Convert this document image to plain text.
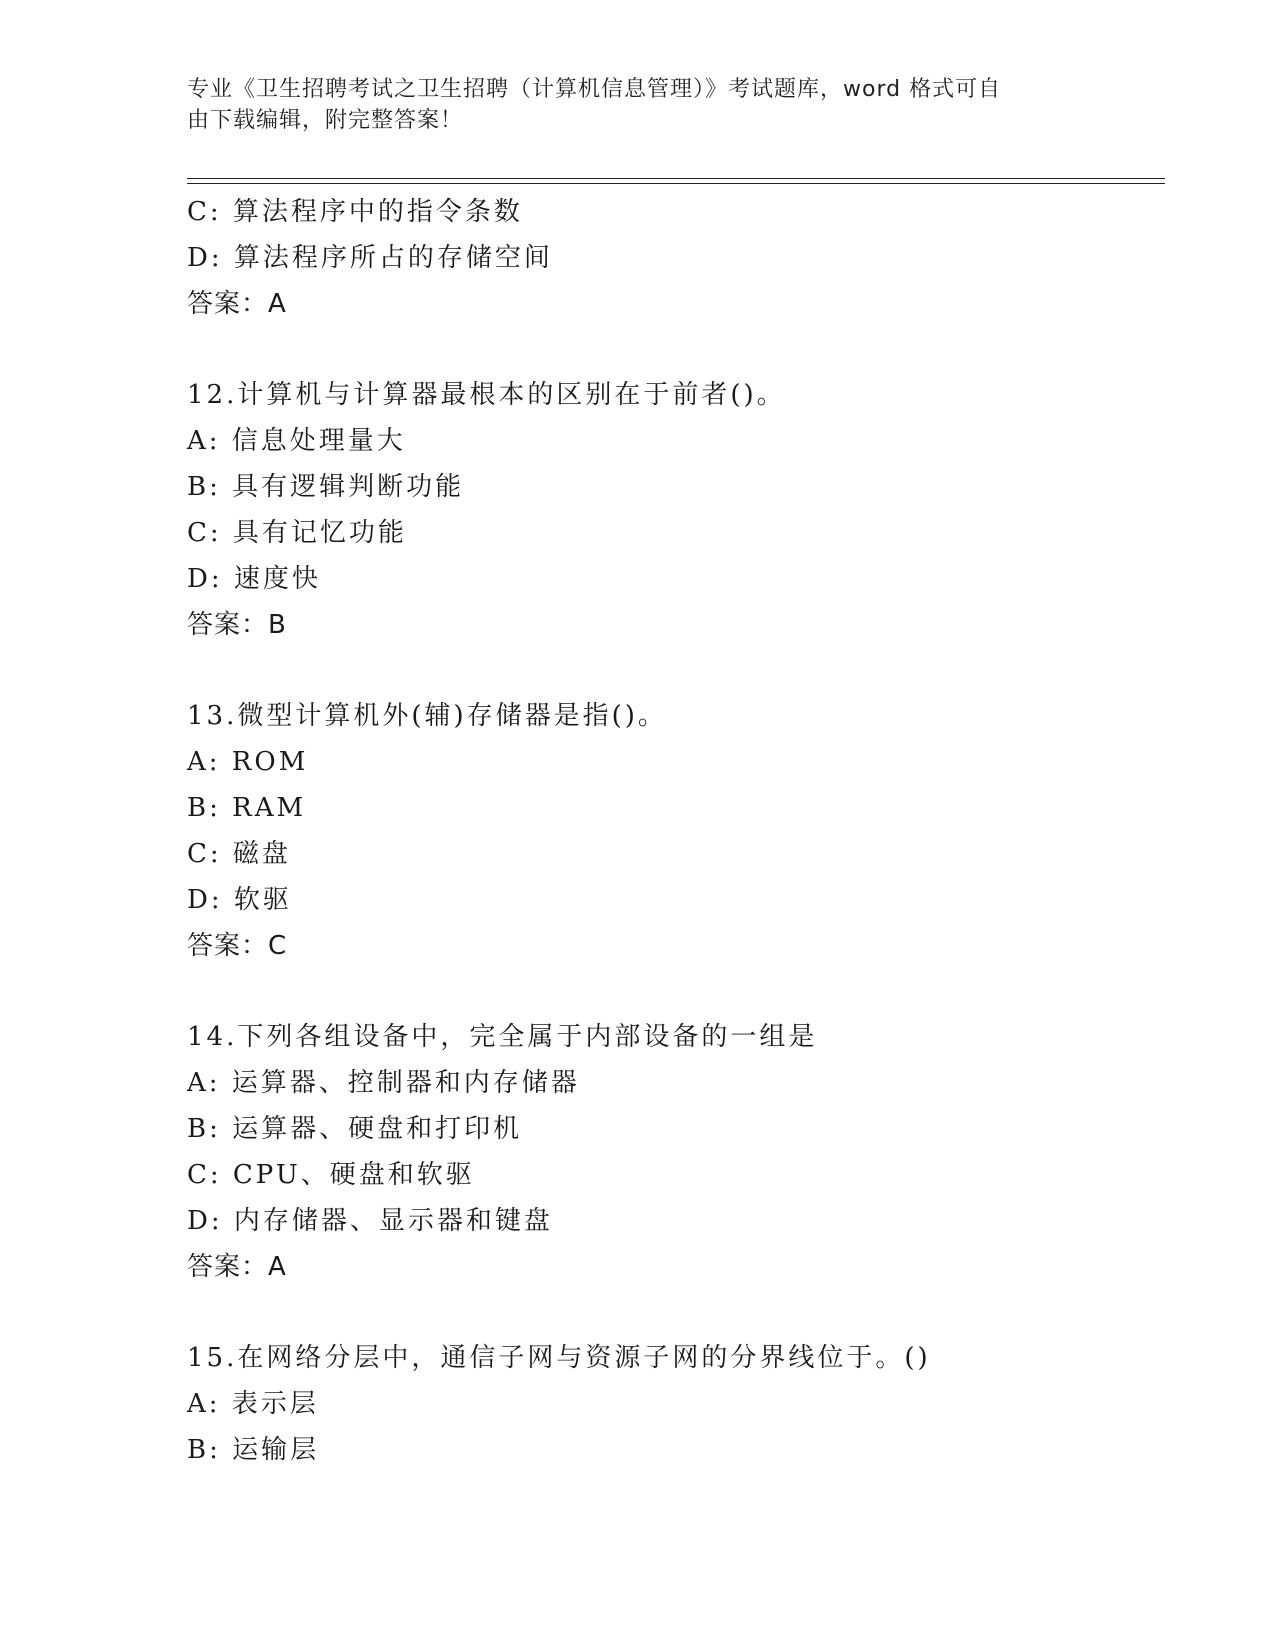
专业《卫生招聘考试之卫生招聘（计算机信息管理）》考试题库，word 格式可自
由下载编辑，附完整答案！
C: 算法程序中的指令条数
D: 算法程序所占的存储空间
答案：A
12.计算机与计算器最根本的区别在于前者()。
A: 信息处理量大
B: 具有逻辑判断功能
C: 具有记忆功能
D: 速度快
答案：B
13.微型计算机外(辅)存储器是指()。
A: ROM
B: RAM
C: 磁盘
D: 软驱
答案：C
14.下列各组设备中，完全属于内部设备的一组是
A: 运算器、控制器和内存储器
B: 运算器、硬盘和打印机
C: CPU、硬盘和软驱
D: 内存储器、显示器和键盘
答案：A
15.在网络分层中，通信子网与资源子网的分界线位于。()
A: 表示层
B: 运输层
